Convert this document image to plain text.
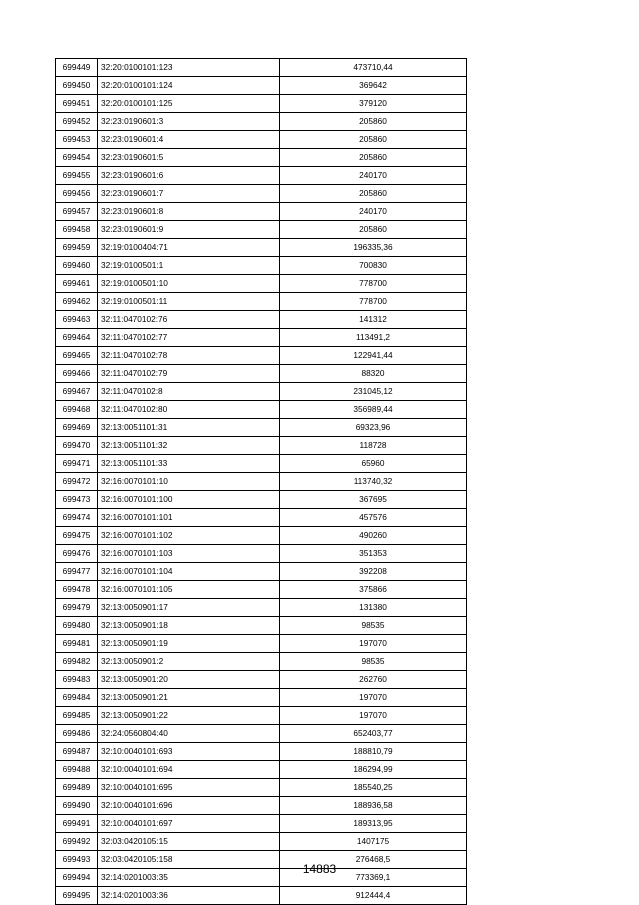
699449	32:20:0100101:123	473710,44
699450	32:20:0100101:124	369642
699451	32:20:0100101:125	379120
699452	32:23:0190601:3	205860
699453	32:23:0190601:4	205860
699454	32:23:0190601:5	205860
699455	32:23:0190601:6	240170
699456	32:23:0190601:7	205860
699457	32:23:0190601:8	240170
699458	32:23:0190601:9	205860
699459	32:19:0100404:71	196335,36
699460	32:19:0100501:1	700830
699461	32:19:0100501:10	778700
699462	32:19:0100501:11	778700
699463	32:11:0470102:76	141312
699464	32:11:0470102:77	113491,2
699465	32:11:0470102:78	122941,44
699466	32:11:0470102:79	88320
699467	32:11:0470102:8	231045,12
699468	32:11:0470102:80	356989,44
699469	32:13:0051101:31	69323,96
699470	32:13:0051101:32	118728
699471	32:13:0051101:33	65960
699472	32:16:0070101:10	113740,32
699473	32:16:0070101:100	367695
699474	32:16:0070101:101	457576
699475	32:16:0070101:102	490260
699476	32:16:0070101:103	351353
699477	32:16:0070101:104	392208
699478	32:16:0070101:105	375866
699479	32:13:0050901:17	131380
699480	32:13:0050901:18	98535
699481	32:13:0050901:19	197070
699482	32:13:0050901:2	98535
699483	32:13:0050901:20	262760
699484	32:13:0050901:21	197070
699485	32:13:0050901:22	197070
699486	32:24:0560804:40	652403,77
699487	32:10:0040101:693	188810,79
699488	32:10:0040101:694	186294,99
699489	32:10:0040101:695	185540,25
699490	32:10:0040101:696	188936,58
699491	32:10:0040101:697	189313,95
699492	32:03:0420105:15	1407175
699493	32:03:0420105:158	276468,5
699494	32:14:0201003:35	773369,1
699495	32:14:0201003:36	912444,4
14883
